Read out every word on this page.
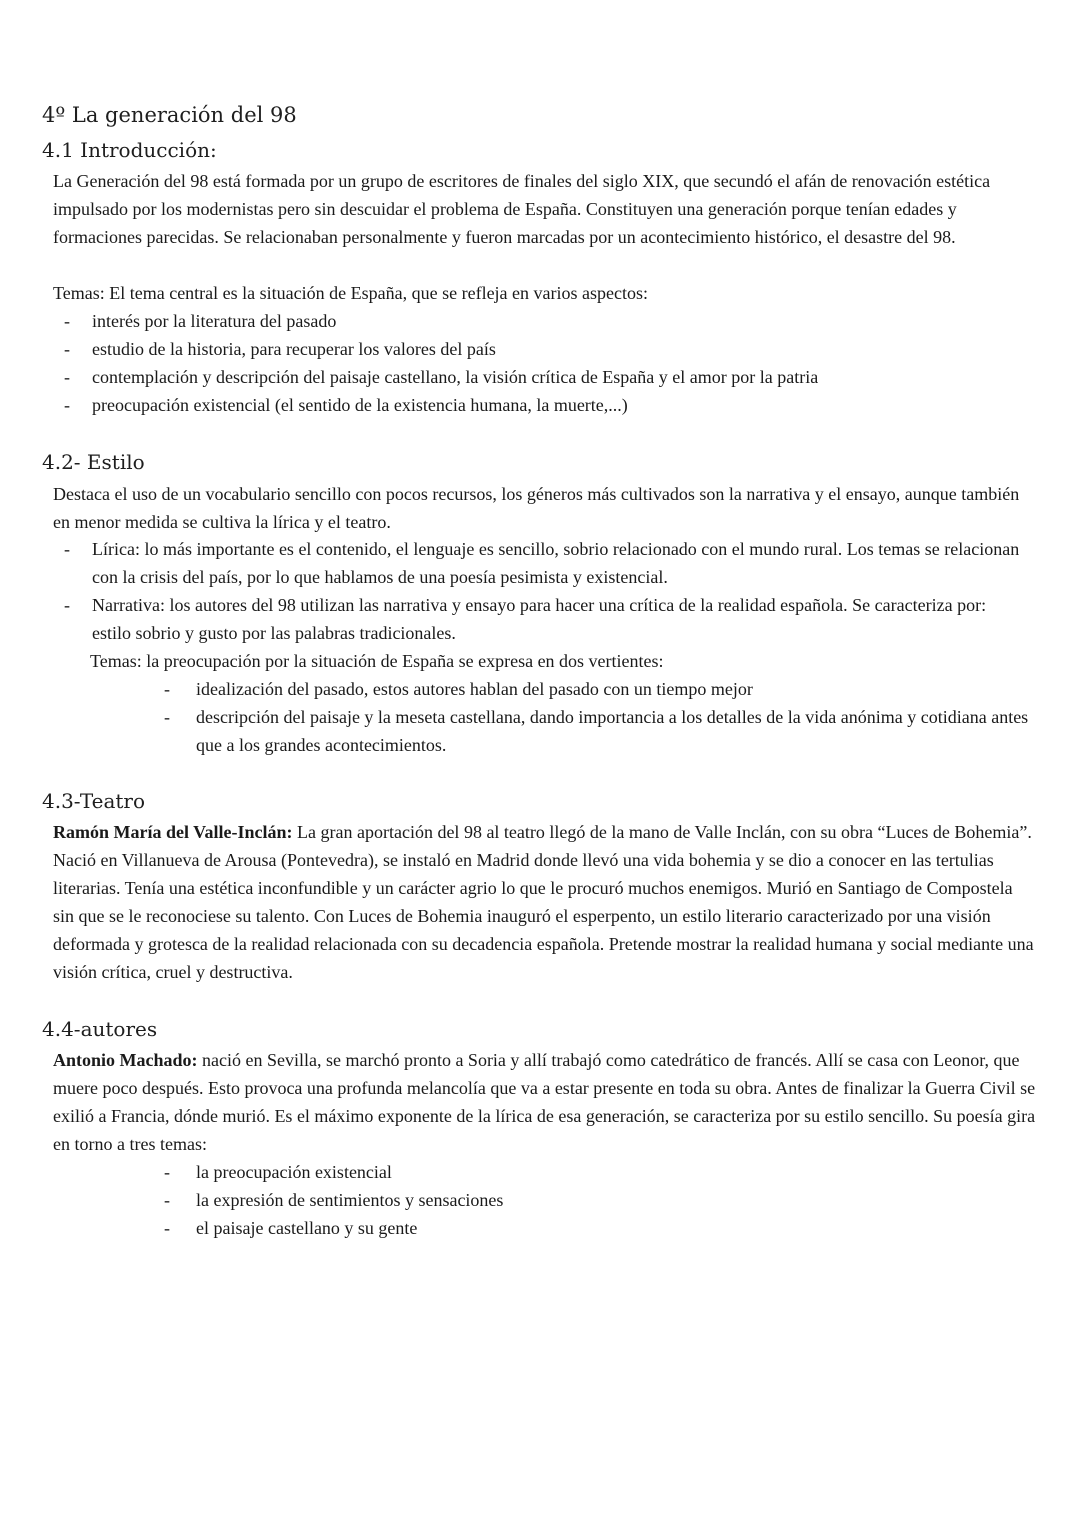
4º La generación del 98
4.1 Introducción:

La Generación del 98 está formada por un grupo de escritores de finales del siglo XIX, que secundó el afán de renovación estética impulsado por los modernistas pero sin descuidar el problema de España. Constituyen una generación porque tenían edades y formaciones parecidas. Se relacionaban personalmente y fueron marcadas por un acontecimiento histórico, el desastre del 98.

Temas: El tema central es la situación de España, que se refleja en varios aspectos:

- interés por la literatura del pasado

- estudio de la historia, para recuperar los valores del país

- contemplación y descripción del paisaje castellano, la visión crítica de España y el amor por la patria

- preocupación existencial (el sentido de la existencia humana, la muerte,...)

4.2- Estilo

Destaca el uso de un vocabulario sencillo con pocos recursos, los géneros más cultivados son la narrativa y el ensayo, aunque también en menor medida se cultiva la lírica y el teatro.

- Lírica: lo más importante es el contenido, el lenguaje es sencillo, sobrio relacionado con el mundo rural. Los temas se relacionan con la crisis del país, por lo que hablamos de una poesía pesimista y existencial.

- Narrativa: los autores del 98 utilizan las narrativa y ensayo para hacer una crítica de la realidad española. Se caracteriza por: estilo sobrio y gusto por las palabras tradicionales.

Temas: la preocupación por la situación de España se expresa en dos vertientes:

- idealización del pasado, estos autores hablan del pasado con un tiempo mejor

- descripción del paisaje y la meseta castellana, dando importancia a los detalles de la vida anónima y cotidiana antes que a los grandes acontecimientos.

4.3-Teatro

Ramón María del Valle-Inclán: La gran aportación del 98 al teatro llegó de la mano de Valle Inclán, con su obra “Luces de Bohemia”. Nació en Villanueva de Arousa (Pontevedra), se instaló en Madrid donde llevó una vida bohemia y se dio a conocer en las tertulias literarias. Tenía una estética inconfundible y un carácter agrio lo que le procuró muchos enemigos. Murió en Santiago de Compostela sin que se le reconociese su talento. Con Luces de Bohemia inauguró el esperpento, un estilo literario caracterizado por una visión deformada y grotesca de la realidad relacionada con su decadencia española. Pretende mostrar la realidad humana y social mediante una visión crítica, cruel y destructiva.

4.4-autores

Antonio Machado: nació en Sevilla, se marchó pronto a Soria y allí trabajó como catedrático de francés. Allí se casa con Leonor, que muere poco después. Esto provoca una profunda melancolía que va a estar presente en toda su obra. Antes de finalizar la Guerra Civil se exilió a Francia, dónde murió. Es el máximo exponente de la lírica de esa generación, se caracteriza por su estilo sencillo. Su poesía gira en torno a tres temas:

- la preocupación existencial

- la expresión de sentimientos y sensaciones

- el paisaje castellano y su gente
